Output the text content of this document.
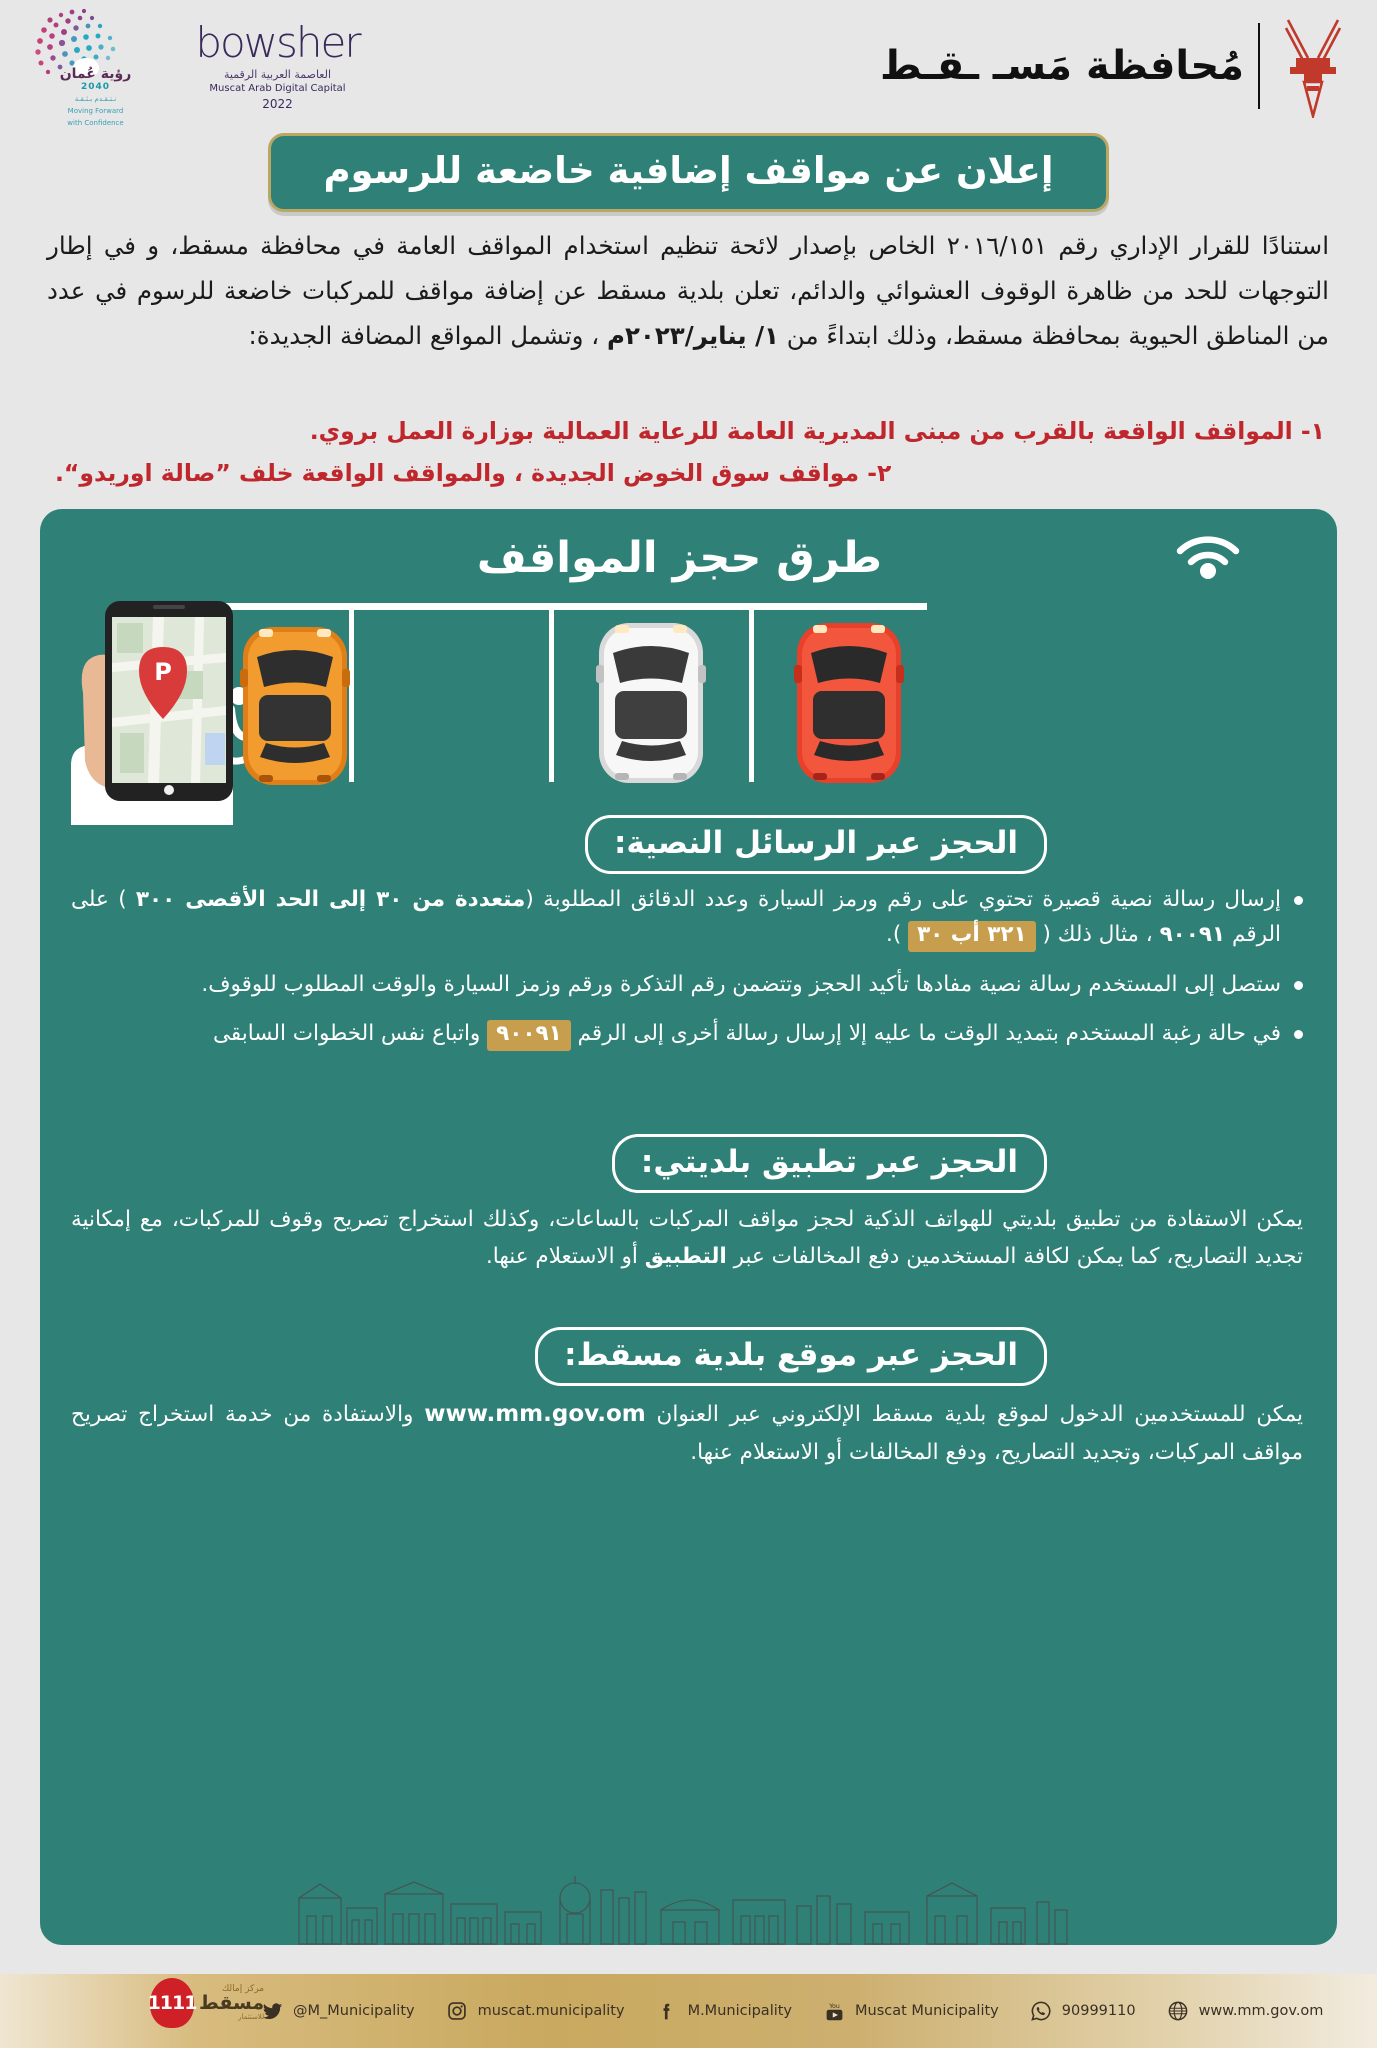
رؤية عُمان
2040
نـتـقـدم بـثـقـة
Moving Forward
with Confidence
bowsher
العاصمة العربية الرقمية
Muscat Arab Digital Capital
2022
مُحافظة مَسـ ـقـط
إعلان عن مواقف إضافية خاضعة للرسوم
استنادًا للقرار الإداري رقم ٢٠١٦/١٥١ الخاص بإصدار لائحة تنظيم استخدام المواقف العامة في محافظة مسقط، و في إطار التوجهات للحد من ظاهرة الوقوف العشوائي والدائم، تعلن بلدية مسقط عن إضافة مواقف للمركبات خاضعة للرسوم في عدد من المناطق الحيوية بمحافظة مسقط، وذلك ابتداءً من ١/ يناير/٢٠٢٣م ، وتشمل المواقع المضافة الجديدة:
١- المواقف الواقعة بالقرب من مبنى المديرية العامة للرعاية العمالية بوزارة العمل بروي.
٢- مواقف سوق الخوض الجديدة ، والمواقف الواقعة خلف ”صالة اوريدو“.
طرق حجز المواقف
P
الحجز عبر الرسائل النصية:
إرسال رسالة نصية قصيرة تحتوي على رقم ورمز السيارة وعدد الدقائق المطلوبة (متعددة من ٣٠ إلى الحد الأقصى ٣٠٠ ) على الرقم ٩٠٠٩١ ، مثال ذلك ( ٣٢١ أب ٣٠ ).
ستصل إلى المستخدم رسالة نصية مفادها تأكيد الحجز وتتضمن رقم التذكرة ورقم وزمز السيارة والوقت المطلوب للوقوف.
في حالة رغبة المستخدم بتمديد الوقت ما عليه إلا إرسال رسالة أخرى إلى الرقم ٩٠٠٩١ واتباع نفس الخطوات السابقى
الحجز عبر تطبيق بلديتي:
يمكن الاستفادة من تطبيق بلديتي للهواتف الذكية لحجز مواقف المركبات بالساعات، وكذلك استخراج تصريح وقوف للمركبات، مع إمكانية تجديد التصاريح، كما يمكن لكافة المستخدمين دفع المخالفات عبر التطبيق أو الاستعلام عنها.
الحجز عبر موقع بلدية مسقط:
يمكن للمستخدمين الدخول لموقع بلدية مسقط الإلكتروني عبر العنوان www.mm.gov.om والاستفادة من خدمة استخراج تصريح مواقف المركبات، وتجديد التصاريح، ودفع المخالفات أو الاستعلام عنها.
1111
مركز إمالك
مسقط
للاستثمار @M_Municipality	muscat.municipality	M.Municipality	You Muscat Municipality	90999110	www.mm.gov.om
